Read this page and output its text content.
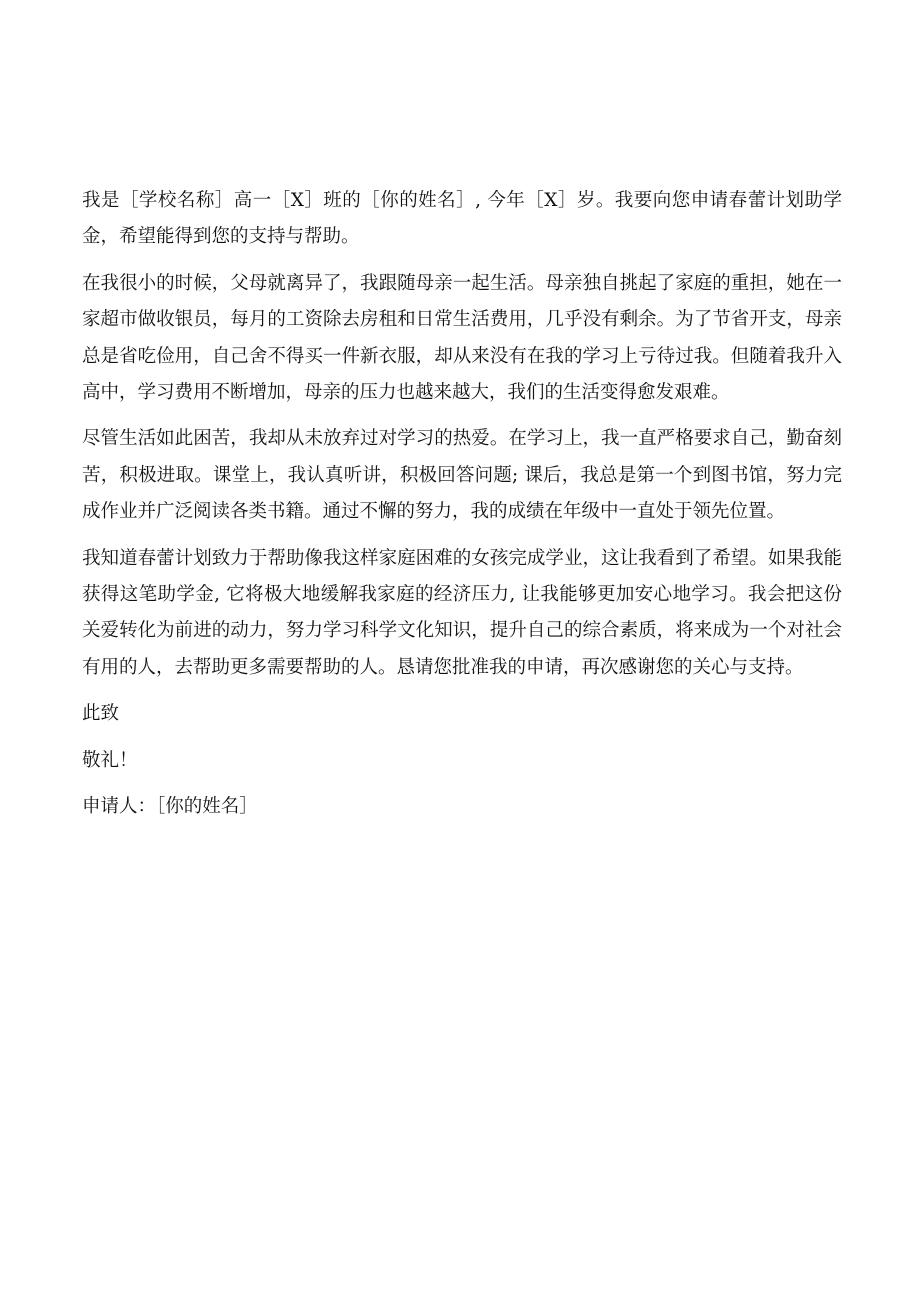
我是［学校名称］高一［X］班的［你的姓名］, 今年［X］岁。我要向您申请春蕾计划助学金，希望能得到您的支持与帮助。

在我很小的时候，父母就离异了，我跟随母亲一起生活。母亲独自挑起了家庭的重担，她在一家超市做收银员，每月的工资除去房租和日常生活费用，几乎没有剩余。为了节省开支，母亲总是省吃俭用，自己舍不得买一件新衣服，却从来没有在我的学习上亏待过我。但随着我升入高中，学习费用不断增加，母亲的压力也越来越大，我们的生活变得愈发艰难。

尽管生活如此困苦，我却从未放弃过对学习的热爱。在学习上，我一直严格要求自己，勤奋刻苦，积极进取。课堂上，我认真听讲，积极回答问题; 课后，我总是第一个到图书馆，努力完成作业并广泛阅读各类书籍。通过不懈的努力，我的成绩在年级中一直处于领先位置。

我知道春蕾计划致力于帮助像我这样家庭困难的女孩完成学业，这让我看到了希望。如果我能获得这笔助学金, 它将极大地缓解我家庭的经济压力, 让我能够更加安心地学习。我会把这份关爱转化为前进的动力，努力学习科学文化知识，提升自己的综合素质，将来成为一个对社会有用的人，去帮助更多需要帮助的人。恳请您批准我的申请，再次感谢您的关心与支持。

此致

敬礼！

申请人：［你的姓名］
